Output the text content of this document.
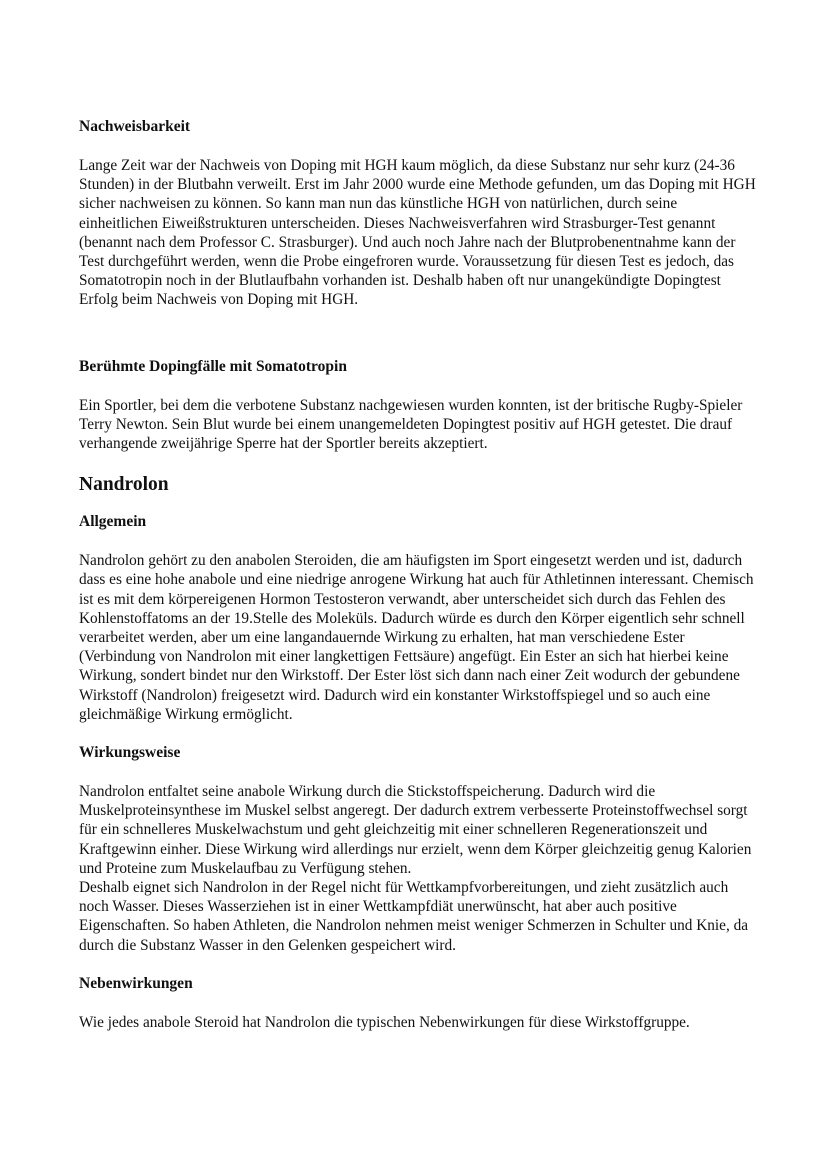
Nachweisbarkeit

Lange Zeit war der Nachweis von Doping mit HGH kaum möglich, da diese Substanz nur sehr kurz (24-36 Stunden) in der Blutbahn verweilt. Erst im Jahr 2000 wurde eine Methode gefunden, um das Doping mit HGH sicher nachweisen zu können. So kann man nun das künstliche HGH von natürlichen, durch seine einheitlichen Eiweißstrukturen unterscheiden. Dieses Nachweisverfahren wird Strasburger-Test genannt (benannt nach dem Professor C. Strasburger). Und auch noch Jahre nach der Blutprobenentnahme kann der Test durchgeführt werden, wenn die Probe eingefroren wurde. Voraussetzung für diesen Test es jedoch, das Somatotropin noch in der Blutlaufbahn vorhanden ist. Deshalb haben oft nur unangekündigte Dopingtest Erfolg beim Nachweis von Doping mit HGH.

Berühmte Dopingfälle mit Somatotropin

Ein Sportler, bei dem die verbotene Substanz nachgewiesen wurden konnten, ist der britische Rugby-Spieler Terry Newton. Sein Blut wurde bei einem unangemeldeten Dopingtest positiv auf HGH getestet. Die drauf verhangende zweijährige Sperre hat der Sportler bereits akzeptiert.

Nandrolon
Allgemein

Nandrolon gehört zu den anabolen Steroiden, die am häufigsten im Sport eingesetzt werden und ist, dadurch dass es eine hohe anabole und eine niedrige anrogene Wirkung hat auch für Athletinnen interessant. Chemisch ist es mit dem körpereigenen Hormon Testosteron verwandt, aber unterscheidet sich durch das Fehlen des Kohlenstoffatoms an der 19.Stelle des Moleküls. Dadurch würde es durch den Körper eigentlich sehr schnell verarbeitet werden, aber um eine langandauernde Wirkung zu erhalten, hat man verschiedene Ester (Verbindung von Nandrolon mit einer langkettigen Fettsäure) angefügt. Ein Ester an sich hat hierbei keine Wirkung, sondert bindet nur den Wirkstoff. Der Ester löst sich dann nach einer Zeit wodurch der gebundene Wirkstoff (Nandrolon) freigesetzt wird. Dadurch wird ein konstanter Wirkstoffspiegel und so auch eine gleichmäßige Wirkung ermöglicht.

Wirkungsweise

Nandrolon entfaltet seine anabole Wirkung durch die Stickstoffspeicherung. Dadurch wird die Muskelproteinsynthese im Muskel selbst angeregt. Der dadurch extrem verbesserte Proteinstoffwechsel sorgt für ein schnelleres Muskelwachstum und geht gleichzeitig mit einer schnelleren Regenerationszeit und Kraftgewinn einher. Diese Wirkung wird allerdings nur erzielt, wenn dem Körper gleichzeitig genug Kalorien und Proteine zum Muskelaufbau zu Verfügung stehen.

Deshalb eignet sich Nandrolon in der Regel nicht für Wettkampfvorbereitungen, und zieht zusätzlich auch noch Wasser. Dieses Wasserziehen ist in einer Wettkampfdiät unerwünscht, hat aber auch positive Eigenschaften. So haben Athleten, die Nandrolon nehmen meist weniger Schmerzen in Schulter und Knie, da durch die Substanz Wasser in den Gelenken gespeichert wird.

Nebenwirkungen

Wie jedes anabole Steroid hat Nandrolon die typischen Nebenwirkungen für diese Wirkstoffgruppe.
